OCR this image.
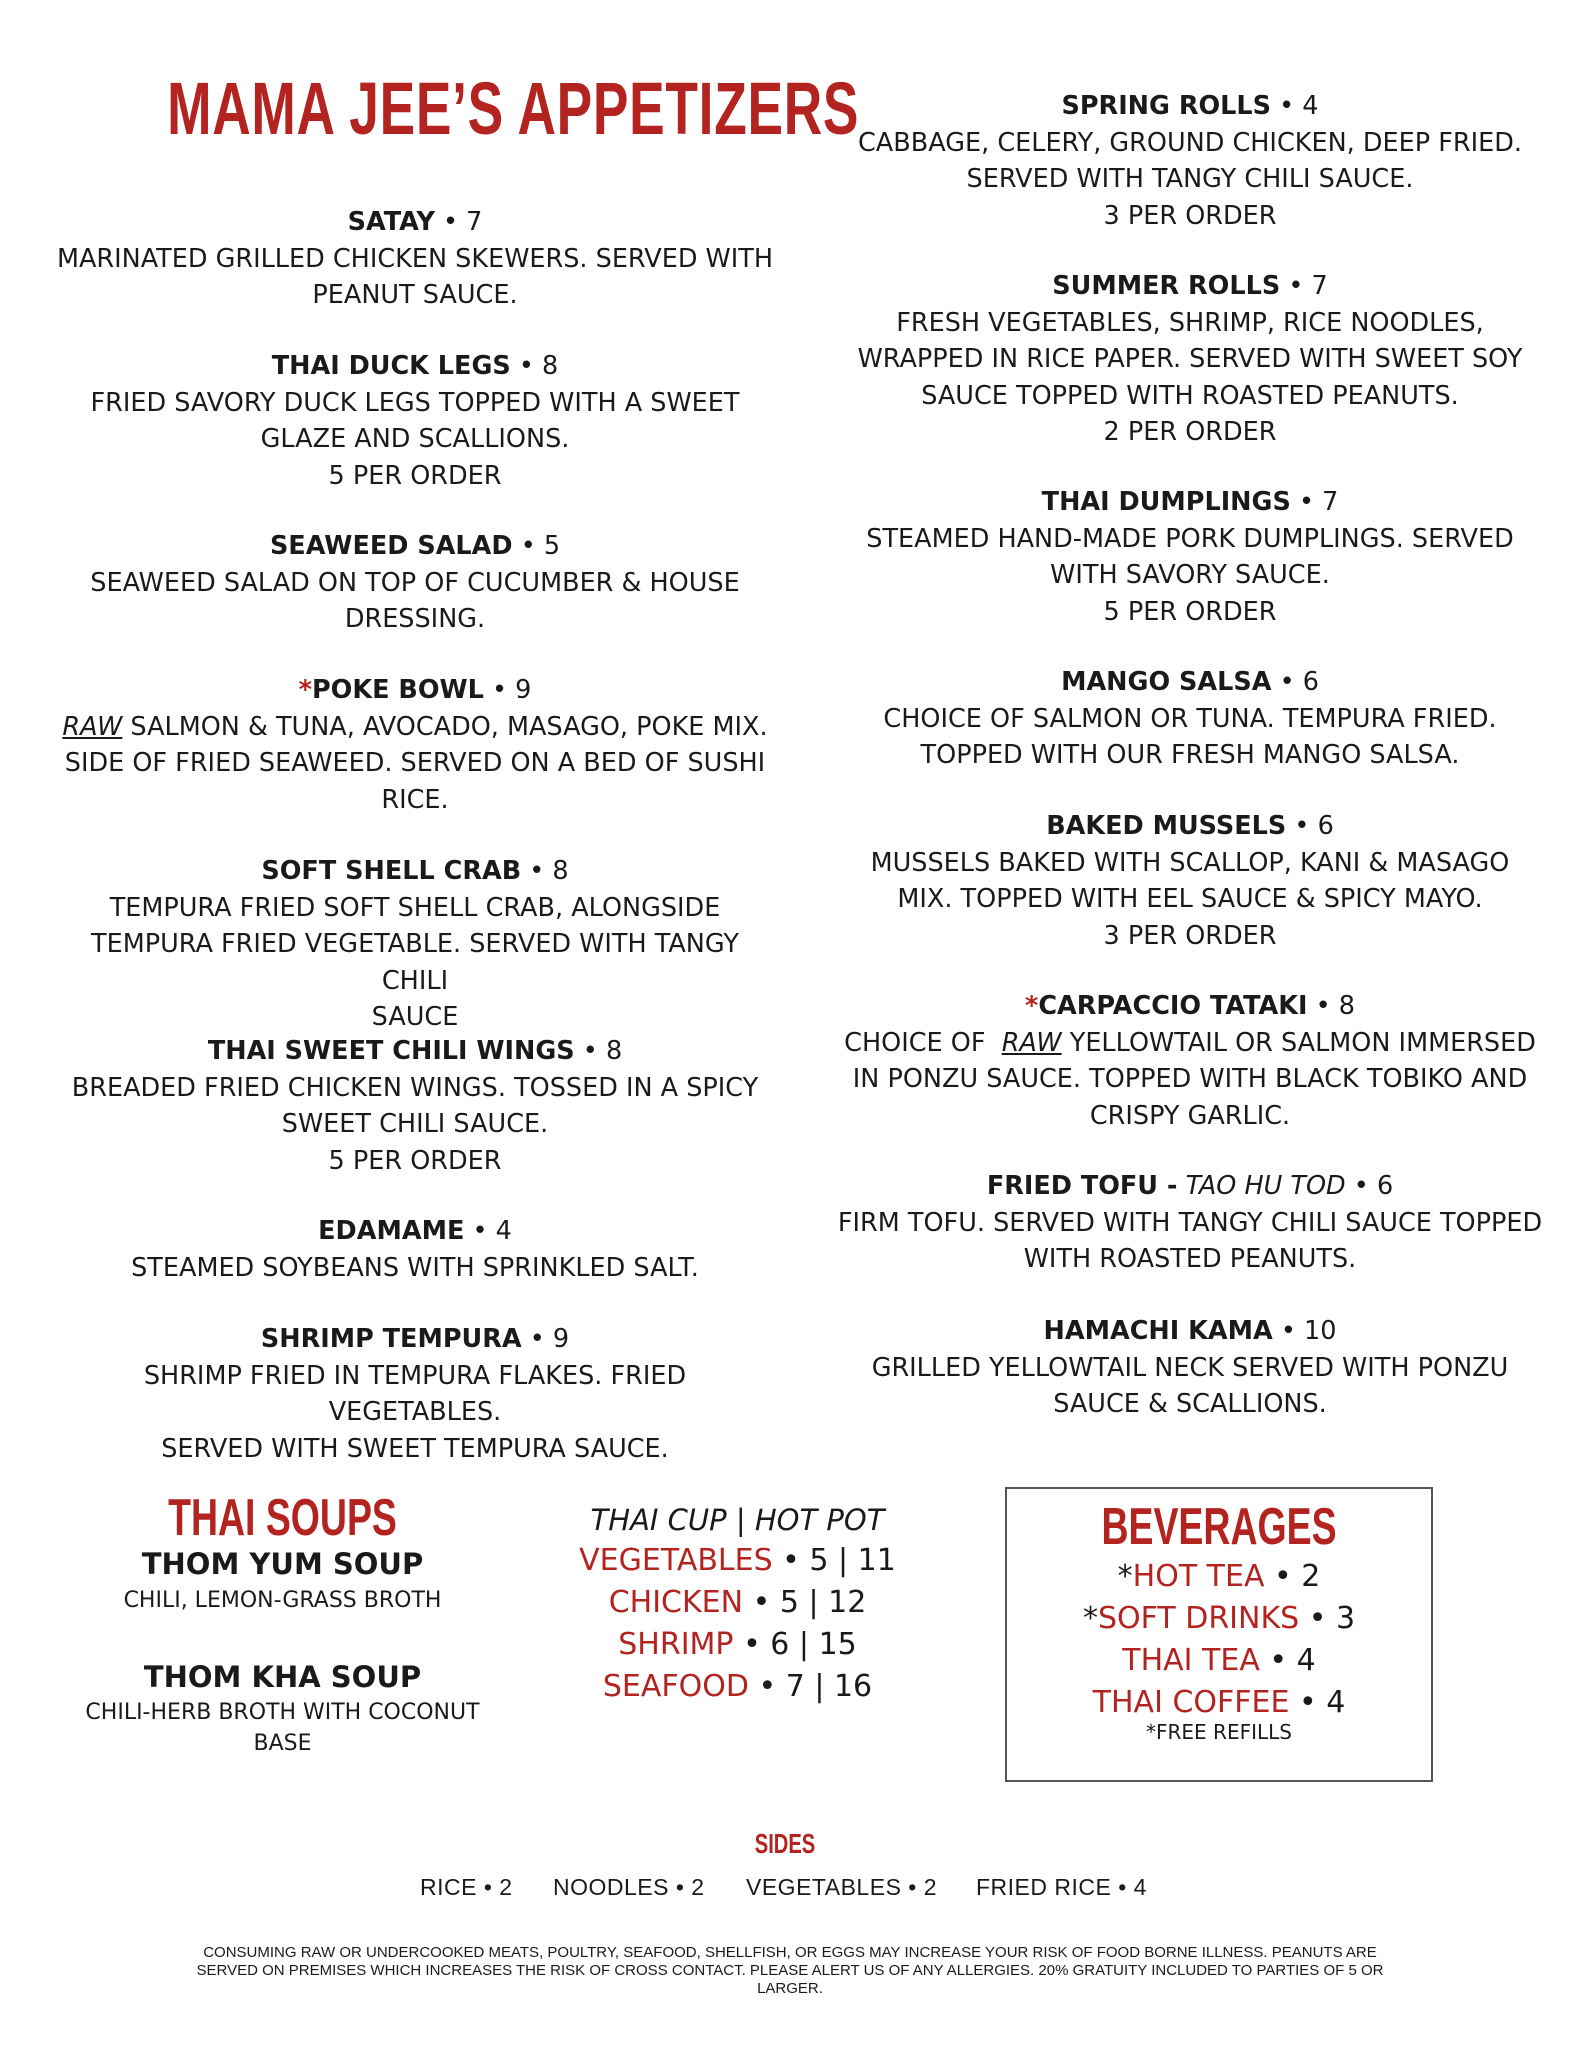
MAMA JEE’S APPETIZERS
SATAY • 7
MARINATED GRILLED CHICKEN SKEWERS. SERVED WITH
PEANUT SAUCE.
THAI DUCK LEGS • 8
FRIED SAVORY DUCK LEGS TOPPED WITH A SWEET
GLAZE AND SCALLIONS.
5 PER ORDER
SEAWEED SALAD • 5
SEAWEED SALAD ON TOP OF CUCUMBER & HOUSE
DRESSING.
*POKE BOWL • 9
RAW SALMON & TUNA, AVOCADO, MASAGO, POKE MIX.
SIDE OF FRIED SEAWEED. SERVED ON A BED OF SUSHI
RICE.
SOFT SHELL CRAB • 8
TEMPURA FRIED SOFT SHELL CRAB, ALONGSIDE
TEMPURA FRIED VEGETABLE. SERVED WITH TANGY CHILI
SAUCE
THAI SWEET CHILI WINGS • 8
BREADED FRIED CHICKEN WINGS. TOSSED IN A SPICY
SWEET CHILI SAUCE.
5 PER ORDER
EDAMAME • 4
STEAMED SOYBEANS WITH SPRINKLED SALT.
SHRIMP TEMPURA • 9
SHRIMP FRIED IN TEMPURA FLAKES. FRIED VEGETABLES.
SERVED WITH SWEET TEMPURA SAUCE.
SPRING ROLLS • 4
CABBAGE, CELERY, GROUND CHICKEN, DEEP FRIED.
SERVED WITH TANGY CHILI SAUCE.
3 PER ORDER
SUMMER ROLLS • 7
FRESH VEGETABLES, SHRIMP, RICE NOODLES,
WRAPPED IN RICE PAPER. SERVED WITH SWEET SOY
SAUCE TOPPED WITH ROASTED PEANUTS.
2 PER ORDER
THAI DUMPLINGS • 7
STEAMED HAND-MADE PORK DUMPLINGS. SERVED
WITH SAVORY SAUCE.
5 PER ORDER
MANGO SALSA • 6
CHOICE OF SALMON OR TUNA. TEMPURA FRIED.
TOPPED WITH OUR FRESH MANGO SALSA.
BAKED MUSSELS • 6
MUSSELS BAKED WITH SCALLOP, KANI & MASAGO
MIX. TOPPED WITH EEL SAUCE & SPICY MAYO.
3 PER ORDER
*CARPACCIO TATAKI • 8
CHOICE OF  RAW YELLOWTAIL OR SALMON IMMERSED
IN PONZU SAUCE. TOPPED WITH BLACK TOBIKO AND
CRISPY GARLIC.
FRIED TOFU - TAO HU TOD • 6
FIRM TOFU. SERVED WITH TANGY CHILI SAUCE TOPPED
WITH ROASTED PEANUTS.
HAMACHI KAMA • 10
GRILLED YELLOWTAIL NECK SERVED WITH PONZU
SAUCE & SCALLIONS.
THAI SOUPS
THOM YUM SOUP
CHILI, LEMON-GRASS BROTH
THOM KHA SOUP
CHILI-HERB BROTH WITH COCONUT
BASE
THAI CUP | HOT POT
VEGETABLES • 5 | 11
CHICKEN • 5 | 12
SHRIMP • 6 | 15
SEAFOOD • 7 | 16
BEVERAGES
*HOT TEA • 2
*SOFT DRINKS • 3
THAI TEA • 4
THAI COFFEE • 4
*FREE REFILLS
SIDES
RICE • 2 NOODLES • 2 VEGETABLES • 2 FRIED RICE • 4
CONSUMING RAW OR UNDERCOOKED MEATS, POULTRY, SEAFOOD, SHELLFISH, OR EGGS MAY INCREASE YOUR RISK OF FOOD BORNE ILLNESS. PEANUTS ARE SERVED ON PREMISES WHICH INCREASES THE RISK OF CROSS CONTACT. PLEASE ALERT US OF ANY ALLERGIES. 20% GRATUITY INCLUDED TO PARTIES OF 5 OR LARGER.
